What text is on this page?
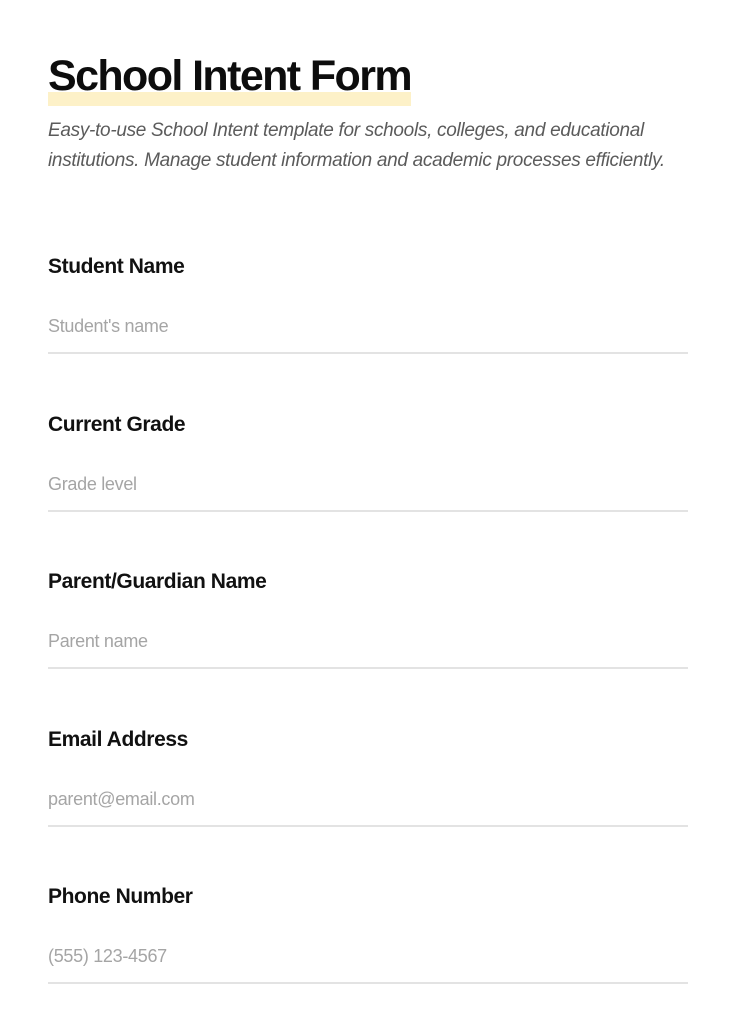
School Intent Form

Easy-to-use School Intent template for schools, colleges, and educational institutions. Manage student information and academic processes efficiently.

Student Name
Student's name
Current Grade
Grade level
Parent/Guardian Name
Parent name
Email Address
parent@email.com
Phone Number
(555) 123-4567
